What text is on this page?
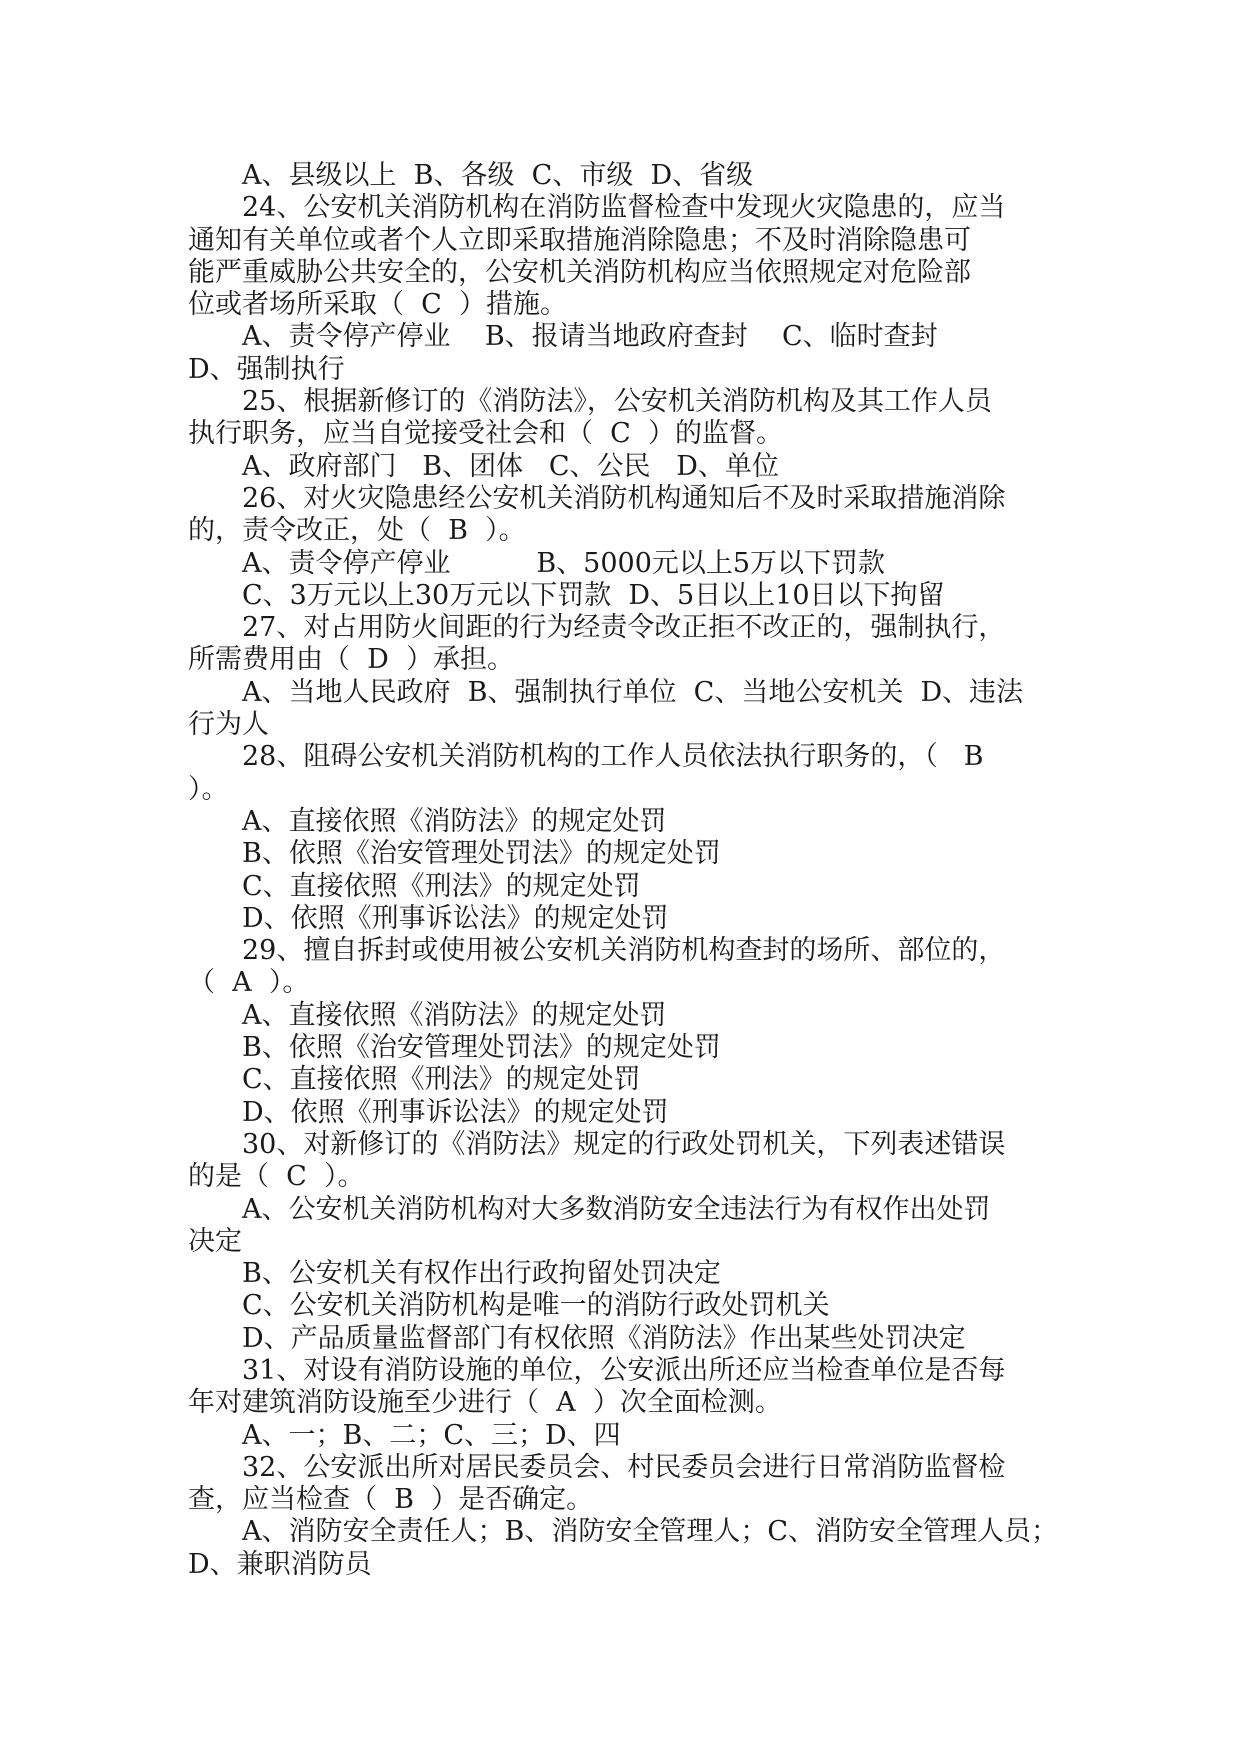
A、县级以上  B、各级  C、市级  D、省级
24、公安机关消防机构在消防监督检查中发现火灾隐患的，应当
通知有关单位或者个人立即采取措施消除隐患；不及时消除隐患可
能严重威胁公共安全的，公安机关消防机构应当依照规定对危险部
位或者场所采取（  C  ）措施。
A、责令停产停业    B、报请当地政府查封    C、临时查封
D、强制执行
25、根据新修订的《消防法》，公安机关消防机构及其工作人员
执行职务，应当自觉接受社会和（  C  ）的监督。
A、政府部门   B、团体   C、公民   D、单位
26、对火灾隐患经公安机关消防机构通知后不及时采取措施消除
的，责令改正，处（  B  ）。
A、责令停产停业          B、5000元以上5万以下罚款
C、3万元以上30万元以下罚款  D、5日以上10日以下拘留
27、对占用防火间距的行为经责令改正拒不改正的，强制执行，
所需费用由（  D  ）承担。
A、当地人民政府  B、强制执行单位  C、当地公安机关  D、违法
行为人
28、阻碍公安机关消防机构的工作人员依法执行职务的，（   B
）。
A、直接依照《消防法》的规定处罚
B、依照《治安管理处罚法》的规定处罚
C、直接依照《刑法》的规定处罚
D、依照《刑事诉讼法》的规定处罚
29、擅自拆封或使用被公安机关消防机构查封的场所、部位的，
（  A  ）。
A、直接依照《消防法》的规定处罚
B、依照《治安管理处罚法》的规定处罚
C、直接依照《刑法》的规定处罚
D、依照《刑事诉讼法》的规定处罚
30、对新修订的《消防法》规定的行政处罚机关，下列表述错误
的是（  C  ）。
A、公安机关消防机构对大多数消防安全违法行为有权作出处罚
决定
B、公安机关有权作出行政拘留处罚决定
C、公安机关消防机构是唯一的消防行政处罚机关
D、产品质量监督部门有权依照《消防法》作出某些处罚决定
31、对设有消防设施的单位，公安派出所还应当检查单位是否每
年对建筑消防设施至少进行（  A  ）次全面检测。
A、一；B、二；C、三；D、四
32、公安派出所对居民委员会、村民委员会进行日常消防监督检
查，应当检查（  B  ）是否确定。
A、消防安全责任人；B、消防安全管理人；C、消防安全管理人员；
D、兼职消防员
